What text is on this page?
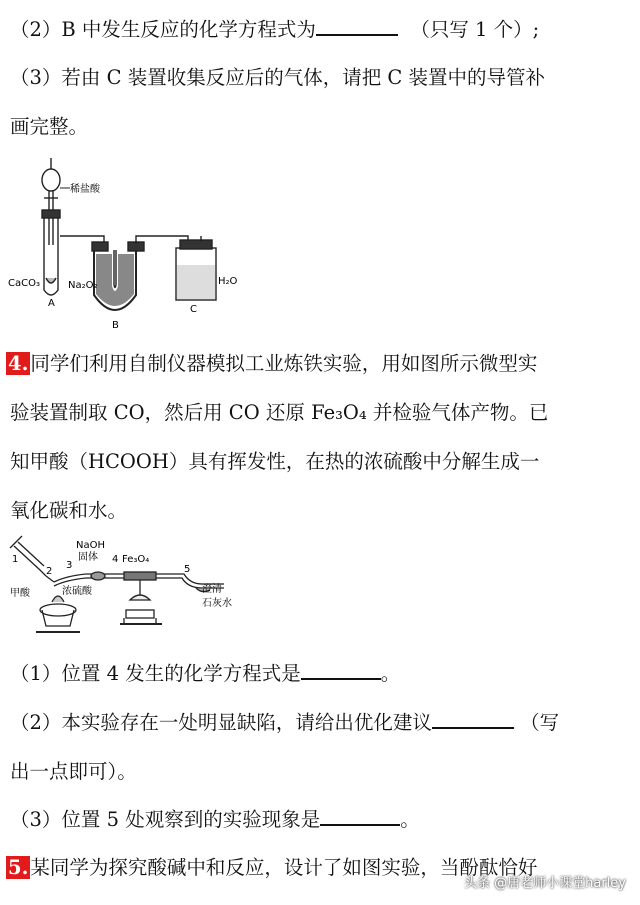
（2）B 中发生反应的化学方程式为	（只写 1 个）;
（3）若由 C 装置收集反应后的气体，请把 C 装置中的导管补
画完整。
稀盐酸
CaCO₃
A
Na₂O₂
B
C
H₂O
4. 同学们利用自制仪器模拟工业炼铁实验，用如图所示微型实
验装置制取 CO，然后用 CO 还原 Fe₃O₄ 并检验气体产物。已
知甲酸（HCOOH）具有挥发性，在热的浓硫酸中分解生成一
氧化碳和水。
1
2
3
4
5
NaOH
固体 Fe₃O₄
甲酸	浓硫酸	澄清
石灰水
（1）位置 4 发生的化学方程式是	。
（2）本实验存在一处明显缺陷，请给出优化建议	（写
出一点即可）。
（3）位置 5 处观察到的实验现象是	。
5. 某同学为探究酸碱中和反应，设计了如图实验，当酚酞恰好
头条 @唐老师小课堂harley
